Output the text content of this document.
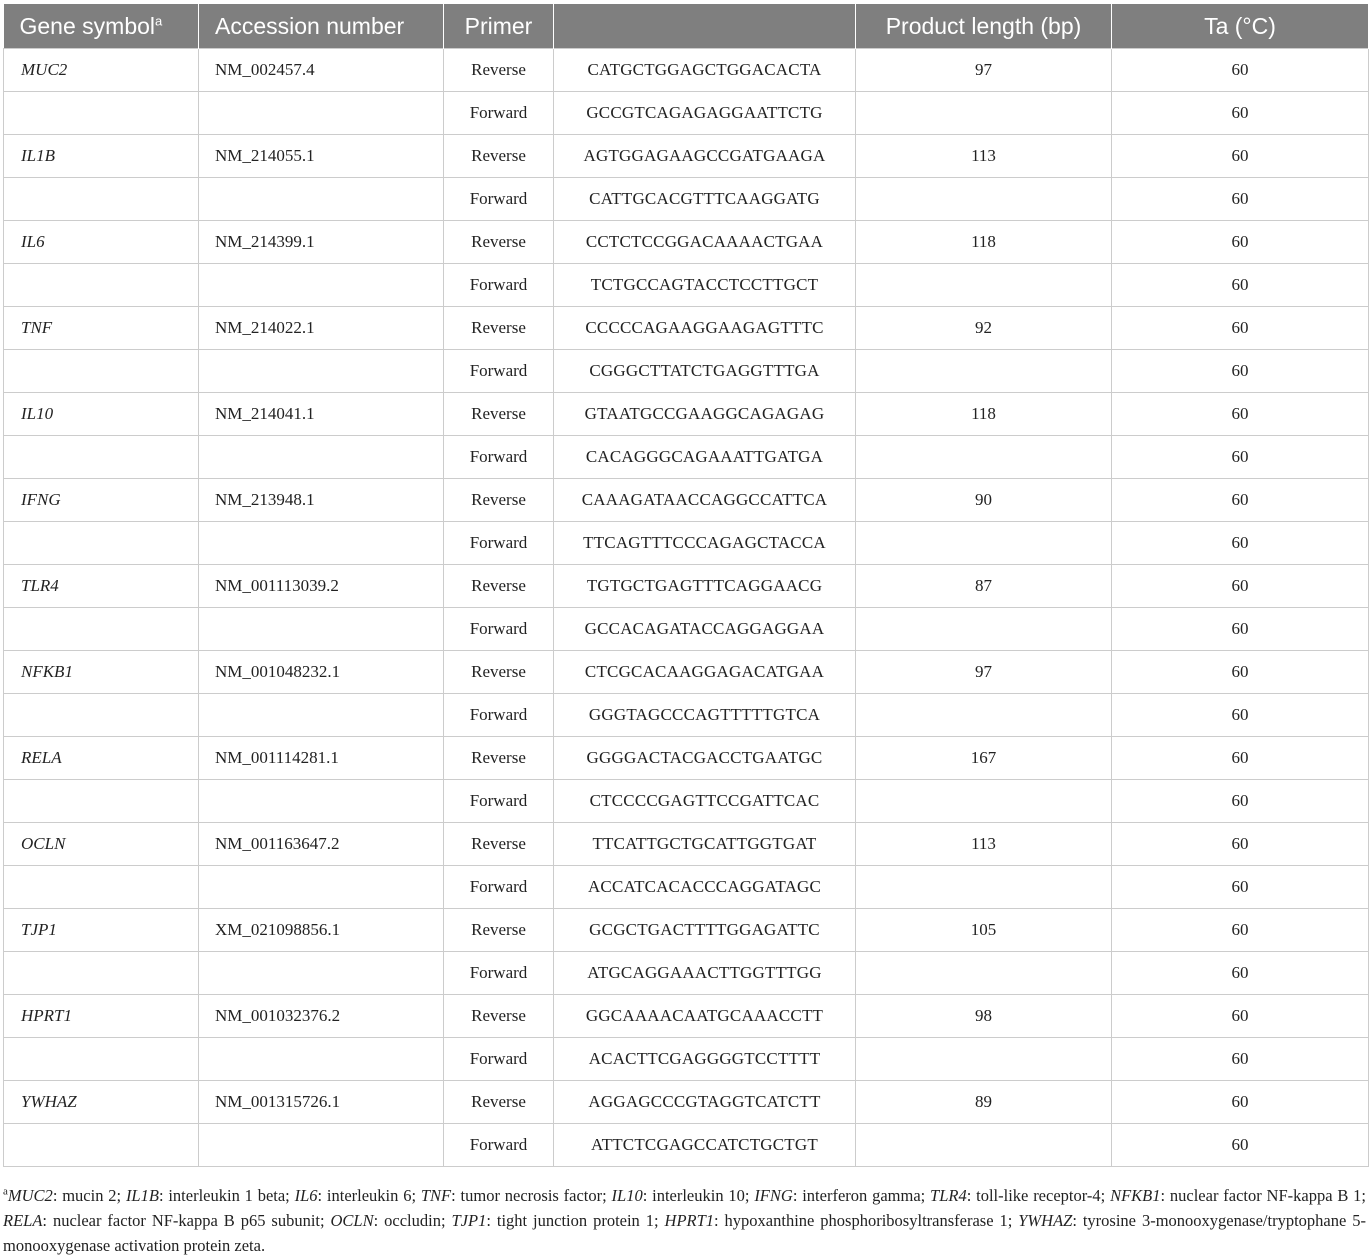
Gene symbol$^a$	Accession number	Primer		Product length (bp)	Ta (°C)
MUC2	NM_002457.4	Reverse	CATGCTGGAGCTGGACACTA	97	60
		Forward	GCCGTCAGAGAGGAATTCTG		60
IL1B	NM_214055.1	Reverse	AGTGGAGAAGCCGATGAAGA	113	60
		Forward	CATTGCACGTTTCAAGGATG		60
IL6	NM_214399.1	Reverse	CCTCTCCGGACAAAACTGAA	118	60
		Forward	TCTGCCAGTACCTCCTTGCT		60
TNF	NM_214022.1	Reverse	CCCCCAGAAGGAAGAGTTTC	92	60
		Forward	CGGGCTTATCTGAGGTTTGA		60
IL10	NM_214041.1	Reverse	GTAATGCCGAAGGCAGAGAG	118	60
		Forward	CACAGGGCAGAAATTGATGA		60
IFNG	NM_213948.1	Reverse	CAAAGATAACCAGGCCATTCA	90	60
		Forward	TTCAGTTTCCCAGAGCTACCA		60
TLR4	NM_001113039.2	Reverse	TGTGCTGAGTTTCAGGAACG	87	60
		Forward	GCCACAGATACCAGGAGGAA		60
NFKB1	NM_001048232.1	Reverse	CTCGCACAAGGAGACATGAA	97	60
		Forward	GGGTAGCCCAGTTTTTGTCA		60
RELA	NM_001114281.1	Reverse	GGGGACTACGACCTGAATGC	167	60
		Forward	CTCCCCGAGTTCCGATTCAC		60
OCLN	NM_001163647.2	Reverse	TTCATTGCTGCATTGGTGAT	113	60
		Forward	ACCATCACACCCAGGATAGC		60
TJP1	XM_021098856.1	Reverse	GCGCTGACTTTTGGAGATTC	105	60
		Forward	ATGCAGGAAACTTGGTTTGG		60
HPRT1	NM_001032376.2	Reverse	GGCAAAACAATGCAAACCTT	98	60
		Forward	ACACTTCGAGGGGTCCTTTT		60
YWHAZ	NM_001315726.1	Reverse	AGGAGCCCGTAGGTCATCTT	89	60
		Forward	ATTCTCGAGCCATCTGCTGT		60
$^a$MUC2: mucin 2; IL1B: interleukin 1 beta; IL6: interleukin 6; TNF: tumor necrosis factor; IL10: interleukin 10; IFNG: interferon gamma; TLR4: toll-like receptor-4; NFKB1: nuclear factor NF-kappa B 1; RELA: nuclear factor NF-kappa B p65 subunit; OCLN: occludin; TJP1: tight junction protein 1; HPRT1: hypoxanthine phosphoribosyltransferase 1; YWHAZ: tyrosine 3-monooxygenase/tryptophane 5-monooxygenase activation protein zeta.
